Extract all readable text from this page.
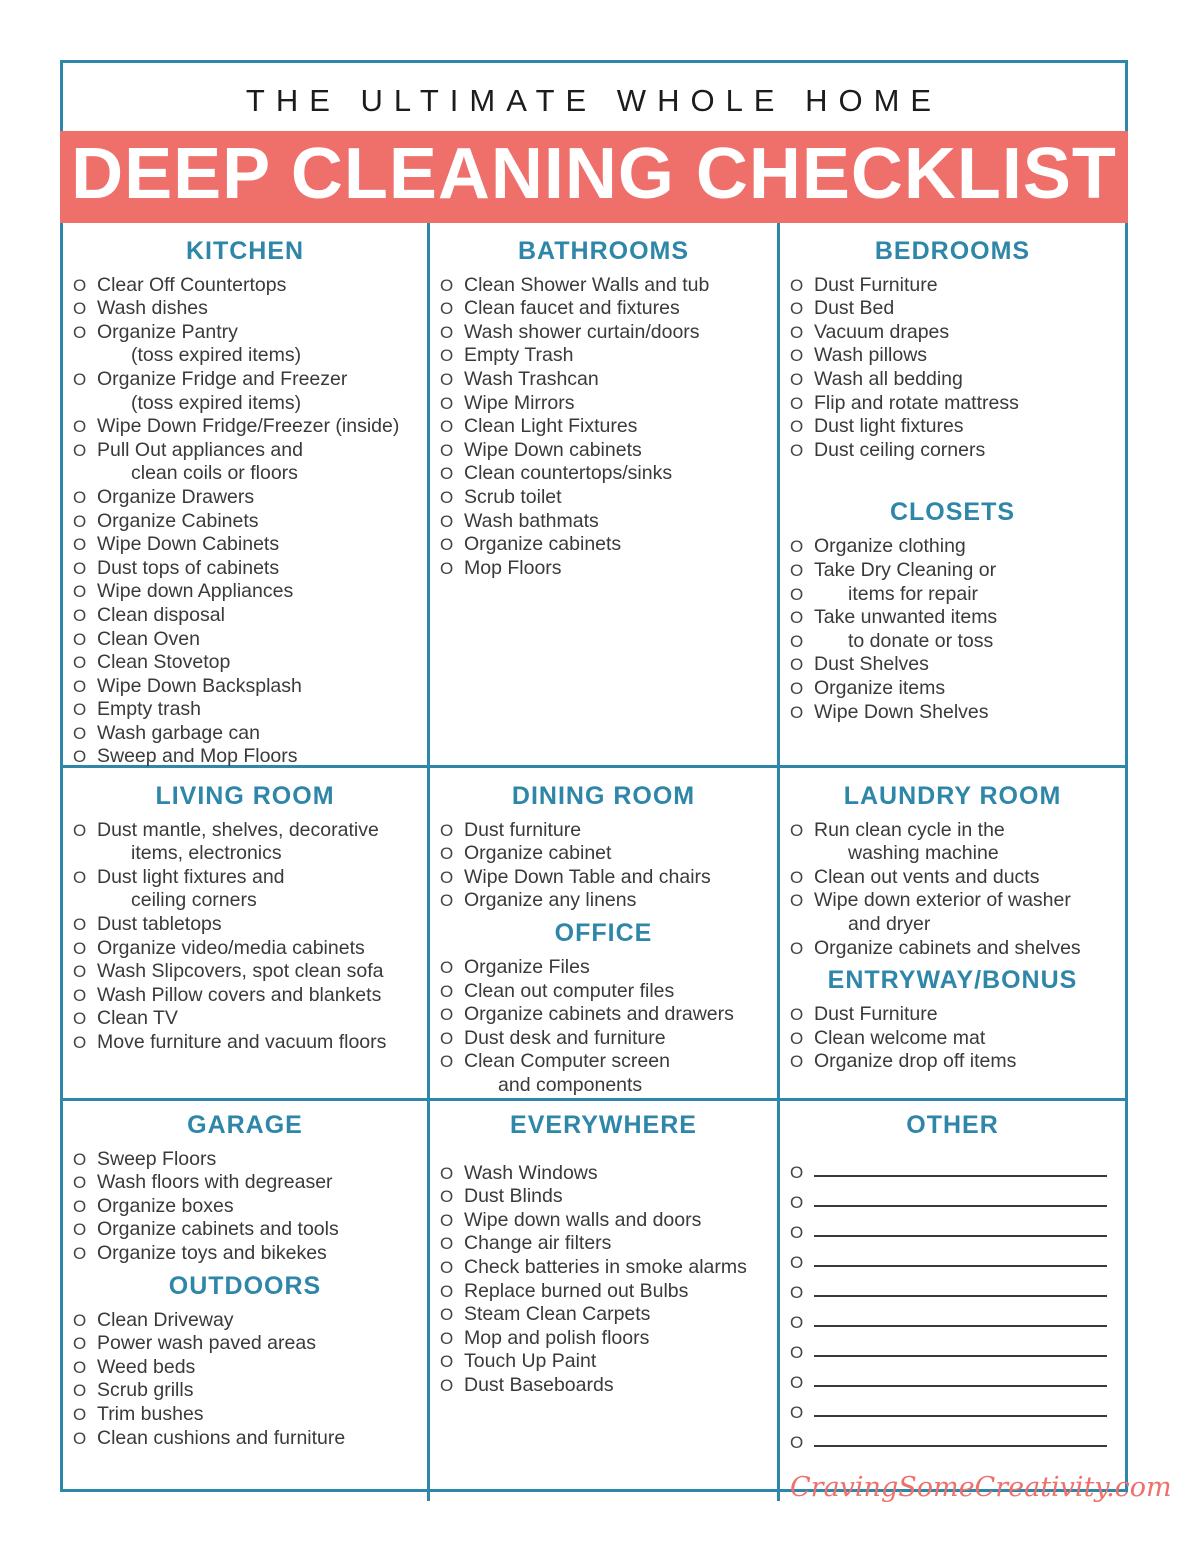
THE ULTIMATE WHOLE HOME
DEEP CLEANING CHECKLIST
KITCHEN
O Clear Off Countertops
O Wash dishes
O Organize Pantry
(toss expired items)
O Organize Fridge and Freezer
(toss expired items)
O Wipe Down Fridge/Freezer (inside)
O Pull Out appliances and
clean coils or floors
O Organize Drawers
O Organize Cabinets
O Wipe Down Cabinets
O Dust tops of cabinets
O Wipe down Appliances
O Clean disposal
O Clean Oven
O Clean Stovetop
O Wipe Down Backsplash
O Empty trash
O Wash garbage can
O Sweep and Mop Floors
BATHROOMS
O Clean Shower Walls and tub
O Clean faucet and fixtures
O Wash shower curtain/doors
O Empty Trash
O Wash Trashcan
O Wipe Mirrors
O Clean Light Fixtures
O Wipe Down cabinets
O Clean countertops/sinks
O Scrub toilet
O Wash bathmats
O Organize cabinets
O Mop Floors
BEDROOMS
O Dust Furniture
O Dust Bed
O Vacuum drapes
O Wash pillows
O Wash all bedding
O Flip and rotate mattress
O Dust light fixtures
O Dust ceiling corners
CLOSETS
O Organize clothing
O Take Dry Cleaning or
O	items for repair
O Take unwanted items
O	to donate or toss
O Dust Shelves
O Organize items
O Wipe Down Shelves
LIVING ROOM
O Dust mantle, shelves, decorative
items, electronics
O Dust light fixtures and
ceiling corners
O Dust tabletops
O Organize video/media cabinets
O Wash Slipcovers, spot clean sofa
O Wash Pillow covers and blankets
O Clean TV
O Move furniture and vacuum floors
DINING ROOM
O Dust furniture
O Organize cabinet
O Wipe Down Table and chairs
O Organize any linens
OFFICE
O Organize Files
O Clean out computer files
O Organize cabinets and drawers
O Dust desk and furniture
O Clean Computer screen
and components
LAUNDRY ROOM
O Run clean cycle in the
washing machine
O Clean out vents and ducts
O Wipe down exterior of washer
and dryer
O Organize cabinets and shelves
ENTRYWAY/BONUS
O Dust Furniture
O Clean welcome mat
O Organize drop off items
GARAGE
O Sweep Floors
O Wash floors with degreaser
O Organize boxes
O Organize cabinets and tools
O Organize toys and bikekes
OUTDOORS
O Clean Driveway
O Power wash paved areas
O Weed beds
O Scrub grills
O Trim bushes
O Clean cushions and furniture
EVERYWHERE
O Wash Windows
O Dust Blinds
O Wipe down walls and doors
O Change air filters
O Check batteries in smoke alarms
O Replace burned out Bulbs
O Steam Clean Carpets
O Mop and polish floors
O Touch Up Paint
O Dust Baseboards
OTHER
O
O
O
O
O
O
O
O
O
O
CravingSomeCreativity.com
